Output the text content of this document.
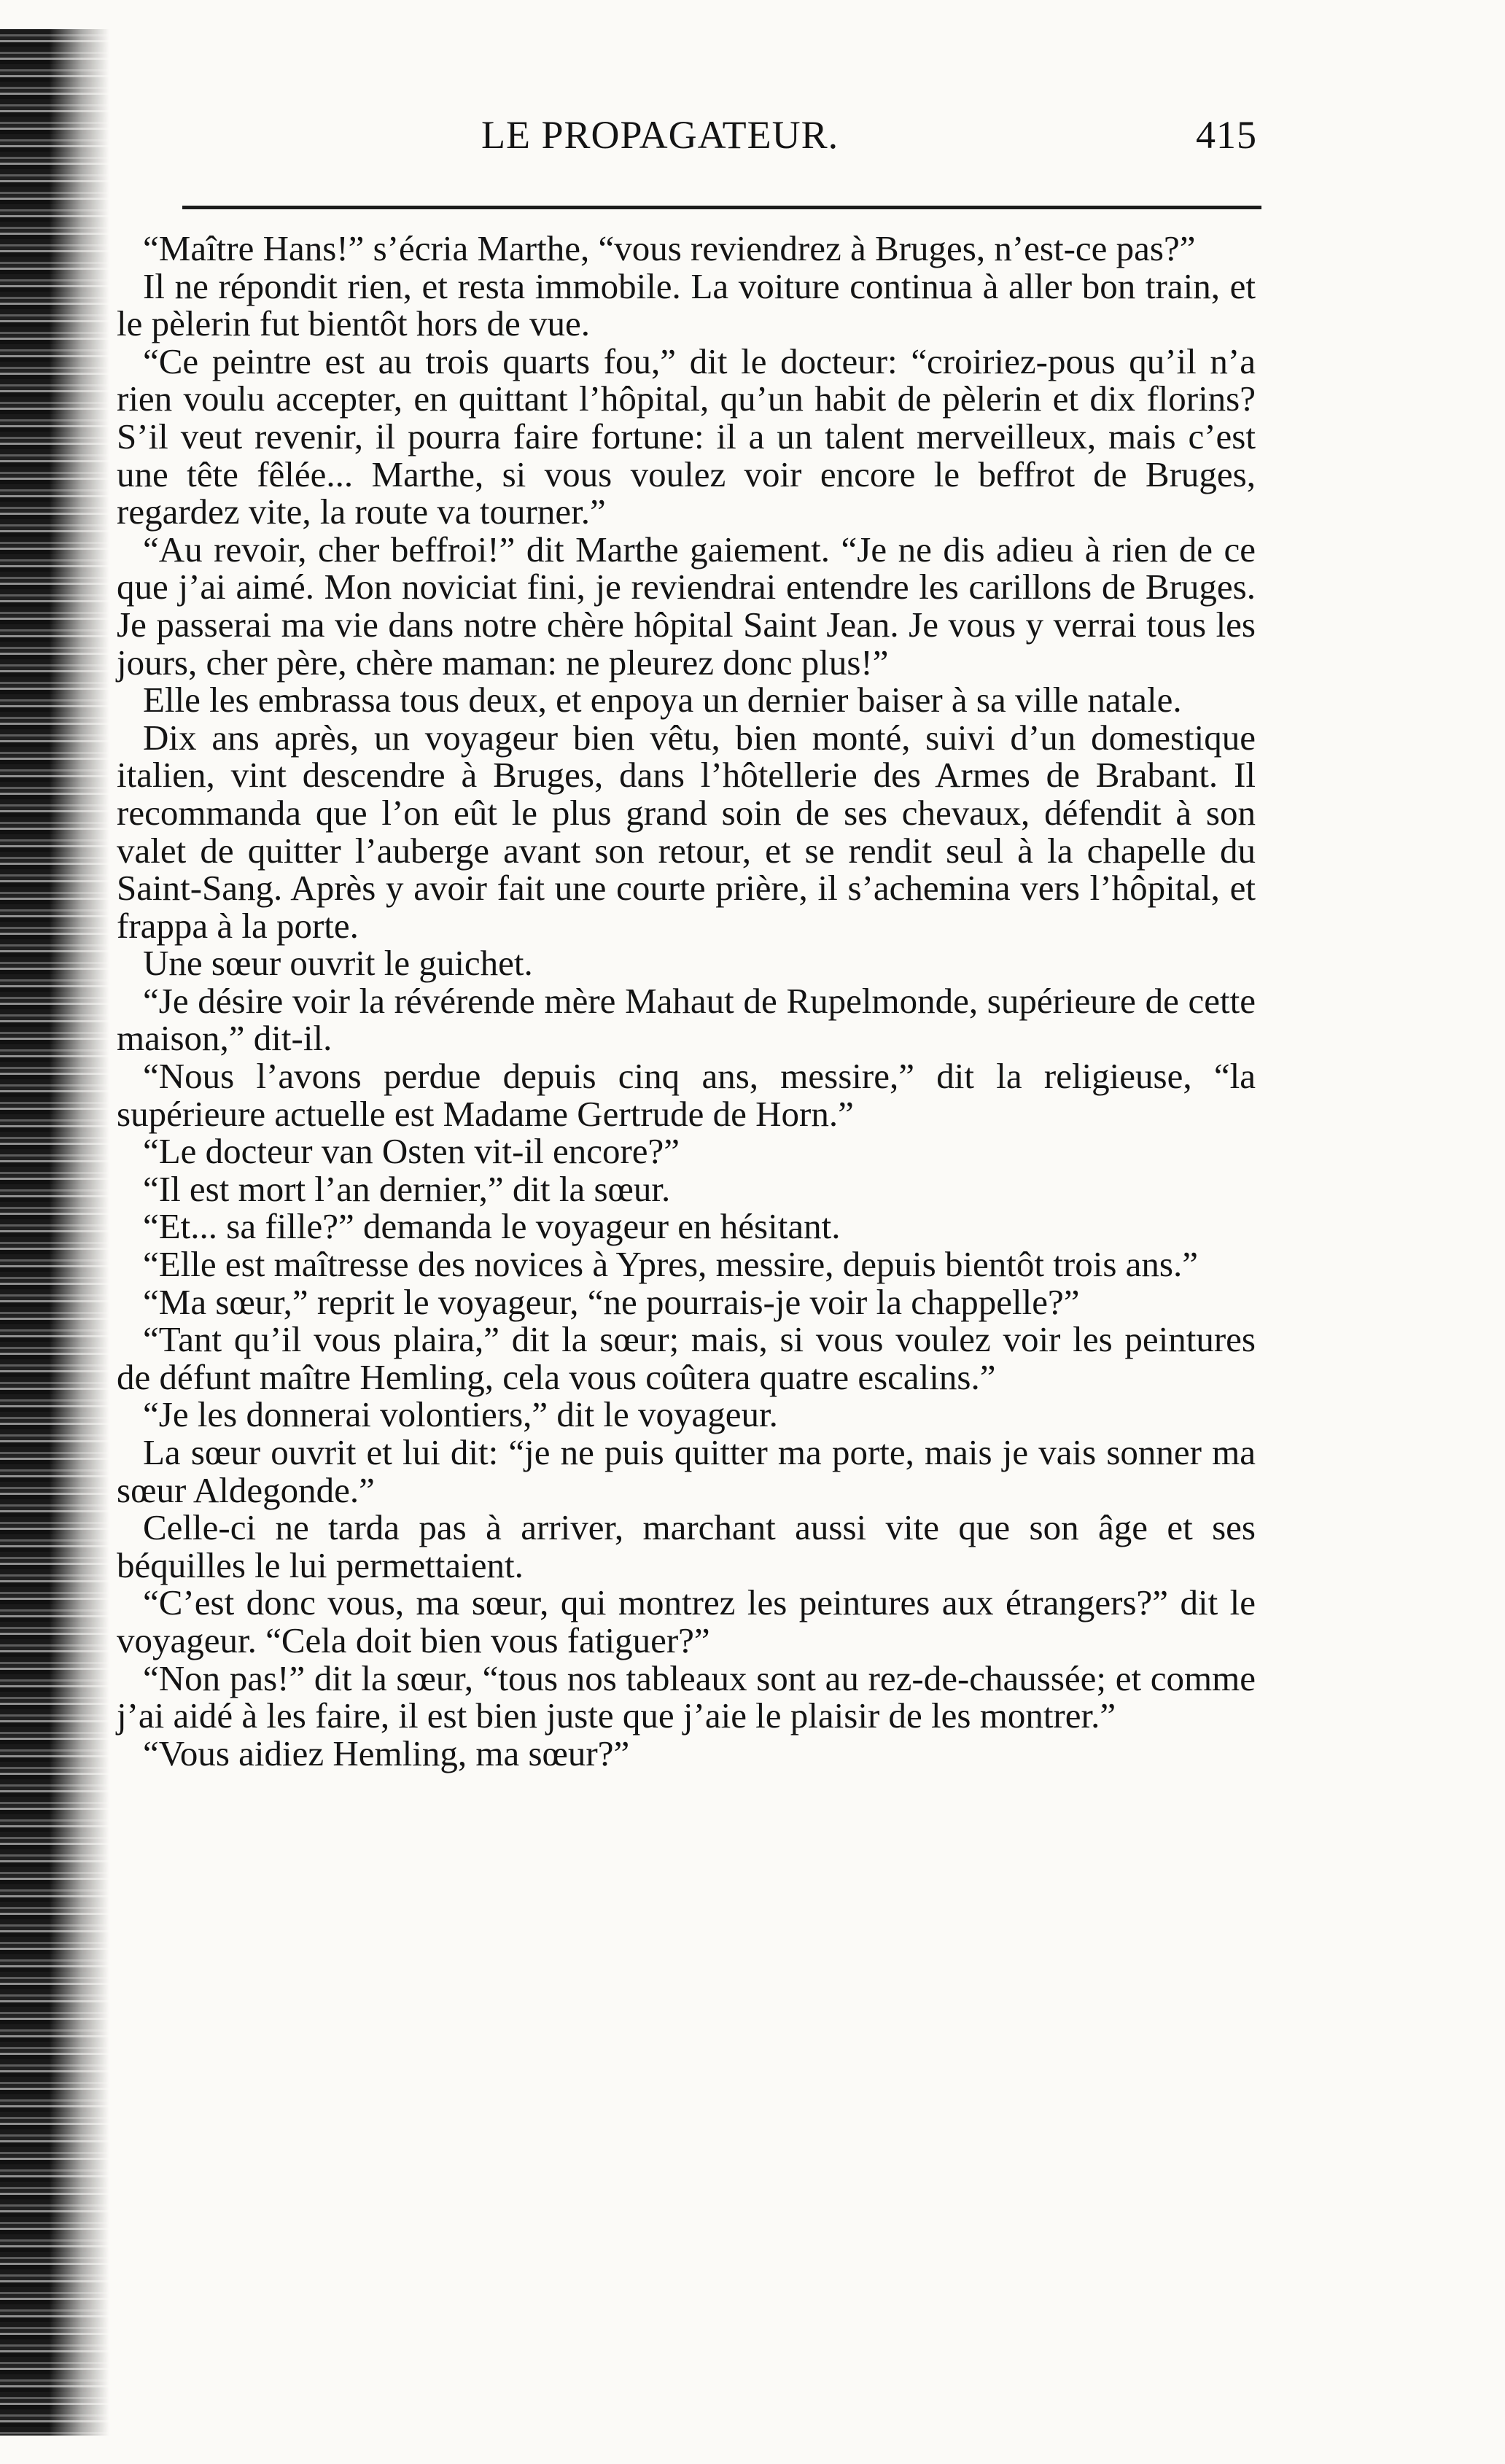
LE PROPAGATEUR.	415

“Maître Hans!” s’écria Marthe, “vous reviendrez à Bruges, n’est-ce pas?”

Il ne répondit rien, et resta immobile. La voiture continua à aller bon train, et le pèlerin fut bientôt hors de vue.

“Ce peintre est au trois quarts fou,” dit le docteur: “croiriez-pous qu’il n’a rien voulu accepter, en quittant l’hôpital, qu’un habit de pèlerin et dix florins? S’il veut revenir, il pourra faire fortune: il a un talent merveilleux, mais c’est une tête fêlée... Marthe, si vous voulez voir encore le beffrot de Bruges, regardez vite, la route va tourner.”

“Au revoir, cher beffroi!” dit Marthe gaiement. “Je ne dis adieu à rien de ce que j’ai aimé. Mon noviciat fini, je reviendrai entendre les carillons de Bruges. Je passerai ma vie dans notre chère hôpital Saint Jean. Je vous y verrai tous les jours, cher père, chère maman: ne pleurez donc plus!”

Elle les embrassa tous deux, et enpoya un dernier baiser à sa ville natale.

Dix ans après, un voyageur bien vêtu, bien monté, suivi d’un domestique italien, vint descendre à Bruges, dans l’hôtellerie des Armes de Brabant. Il recommanda que l’on eût le plus grand soin de ses chevaux, défendit à son valet de quitter l’auberge avant son retour, et se rendit seul à la chapelle du Saint-Sang. Après y avoir fait une courte prière, il s’achemina vers l’hôpital, et frappa à la porte.

Une sœur ouvrit le guichet.

“Je désire voir la révérende mère Mahaut de Rupelmonde, supérieure de cette maison,” dit-il.

“Nous l’avons perdue depuis cinq ans, messire,” dit la religieuse, “la supérieure actuelle est Madame Gertrude de Horn.”

“Le docteur van Osten vit-il encore?”

“Il est mort l’an dernier,” dit la sœur.

“Et... sa fille?” demanda le voyageur en hésitant.

“Elle est maîtresse des novices à Ypres, messire, depuis bientôt trois ans.”

“Ma sœur,” reprit le voyageur, “ne pourrais-je voir la chappelle?”

“Tant qu’il vous plaira,” dit la sœur; mais, si vous voulez voir les peintures de défunt maître Hemling, cela vous coûtera quatre escalins.”

“Je les donnerai volontiers,” dit le voyageur.

La sœur ouvrit et lui dit: “je ne puis quitter ma porte, mais je vais sonner ma sœur Aldegonde.”

Celle-ci ne tarda pas à arriver, marchant aussi vite que son âge et ses béquilles le lui permettaient.

“C’est donc vous, ma sœur, qui montrez les peintures aux étrangers?” dit le voyageur. “Cela doit bien vous fatiguer?”

“Non pas!” dit la sœur, “tous nos tableaux sont au rez-de-chaussée; et comme j’ai aidé à les faire, il est bien juste que j’aie le plaisir de les montrer.”

“Vous aidiez Hemling, ma sœur?”
